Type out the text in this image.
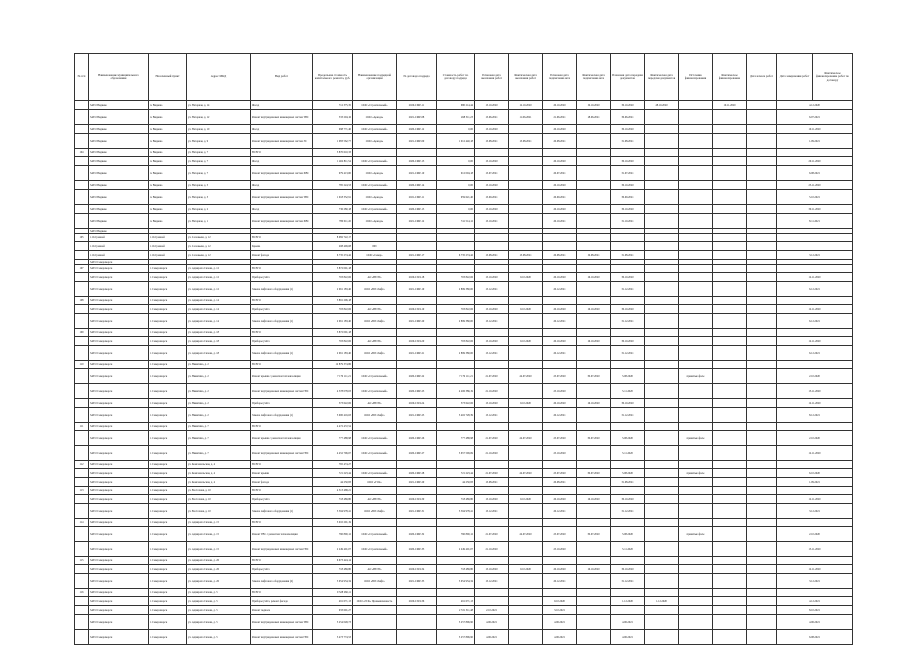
№ п/п	Наименование муниципального образования	Населенный пункт	Адрес МКД	Вид работ	Предельная стоимость капитального ремонта, руб.	Наименование подрядной организации	№ договора подряда	Стоимость работ по договору подряда	Плановая дата окончания работ	Фактическая дата окончания работ	Плановая дата подписания акта	Фактическая дата подписания акта	Плановая дата передачи документов	Фактическая дата передачи документов	Источник финансирования	Фактическое финансирование	Дата начала работ	Дата завершения работ	Фактическое финансирование работ по договору
	ЗАТО Видяево	п. Видяево	ул. Нагорная, д. 14	Фасад	712 375,35	ООО «Строительный»	2020-СМР-11	680 214,44	15.10.2020	12.10.2020	20.10.2020	19.10.2020	30.10.2020	28.10.2020		10.11.2020		4.12.2020	
	ЗАТО Видяево	п. Видяево	ул. Нагорная, д. 12	Ремонт внутридомовых инженерных систем ТВС	533 204,16	ООО «Аркада»	2021-СМР-08	498 311,23	15.06.2021	11.06.2021	21.06.2021	18.06.2021	30.06.2021					6.07.2021	
	ЗАТО Видяево	п. Видяево	ул. Нагорная, д. 10	Фасад	998 771,40	ООО «Строительный»	2020-СМР-12	0,00	15.10.2020		20.10.2020		30.10.2020					10.11.2020	
	ЗАТО Видяево	п. Видяево	ул. Нагорная, д. 9	Ремонт внутридомовых инженерных систем ЭС	1 083 562,77	ООО «Аркада»	2021-СМР-09	1 012 440,18	15.08.2021	13.08.2021	20.08.2021		31.08.2021					1.09.2021	
104	ЗАТО Видяево	п. Видяево	ул. Нагорная, д. 7	ВСЕГО	3 870 610,33														
	ЗАТО Видяево	п. Видяево	ул. Нагорная, д. 7	Фасад	1 462 811,54	ООО «Строительный»	2020-СМР-13	0,00	15.10.2020		20.10.2020		30.10.2020					20.11.2020	
	ЗАТО Видяево	п. Видяево	ул. Нагорная, д. 7	Ремонт внутридомовых инженерных систем ХВС	979 413,60	ООО «Аркада»	2021-СМР-10	912 004,18	15.07.2021		20.07.2021		31.07.2021					6.08.2021	
	ЗАТО Видяево	п. Видяево	ул. Нагорная, д. 5	Фасад	785 224,53	ООО «Строительный»	2020-СМР-14	0,00	15.10.2020		20.10.2020		30.10.2020					25.11.2020	
	ЗАТО Видяево	п. Видяево	ул. Нагорная, д. 3	Ремонт внутридомовых инженерных систем ТВС	1 018 352,91	ООО «Аркада»	2021-СМР-11	959 621,40	15.09.2021		20.09.2021		30.09.2021					5.10.2021	
	ЗАТО Видяево	п. Видяево	ул. Нагорная, д. 2	Фасад	736 280,18	ООО «Строительный»	2020-СМР-15	0,00	15.10.2020		20.10.2020		30.10.2020					30.11.2020	
	ЗАТО Видяево	п. Видяево	ул. Нагорная, д. 1	Ремонт внутридомовых инженерных систем ХВС	780 011,45	ООО «Аркада»	2021-СМР-12	741 514,12	15.10.2021		20.10.2021		31.10.2021					8.11.2021	
	ЗАТО Видяево																		
105	г. Островной	г. Островной	ул. Соловьева, д. 12	ВСЕГО	8 082 722,17														
	г. Островной	г. Островной	ул. Соловьева, д. 12	Крыша	208 499,08	ИП													
	г. Островной	г. Островной	ул. Соловьева, д. 12	Ремонт фасада	6 735 274,42	ООО «Север»	2021-СМР-17	6 735 274,42	15.08.2021	13.08.2021	20.08.2021	19.08.2021	31.08.2021					3.12.2021	
	ЗАТО Североморск																		
107	ЗАТО Североморск	г. Североморск	ул. Адмирала Сизова, д. 12	ВСЕГО	3 872 091,18														
	ЗАТО Североморск	г. Североморск	ул. Адмирала Сизова, д. 12	Приборы учёта	703 822,06	АО «ВЕЛТ»	2020-СПЛ-18	703 822,06	15.10.2020	9.10.2020	20.10.2020	16.10.2020	30.10.2020					12.11.2020	
	ЗАТО Североморск	г. Североморск	ул. Адмирала Сизова, д. 12	Замена лифтового оборудования (1)	2 961 183,40	ООО «ЮГ-Лифт»	2021-СМР-19	2 899 380,00	15.12.2021		20.12.2021		31.12.2021					6.12.2021	
108	ЗАТО Североморск	г. Североморск	ул. Адмирала Сизова, д. 14	ВСЕГО	3 891 206,18														
	ЗАТО Североморск	г. Североморск	ул. Адмирала Сизова, д. 14	Приборы учёта	703 822,06	АО «ВЕЛТ»	2020-СПЛ-19	703 822,06	15.10.2020	9.10.2020	20.10.2020	16.10.2020	30.10.2020					12.11.2020	
	ЗАТО Североморск	г. Североморск	ул. Адмирала Сизова, д. 14	Замена лифтового оборудования (1)	2 961 183,40	ООО «ЮГ-Лифт»	2021-СМР-20	2 899 380,00	15.12.2021		20.12.2021		31.12.2021					6.12.2021	
109	ЗАТО Североморск	г. Североморск	ул. Адмирала Сизова, д. 18	ВСЕГО	3 872 091,18														
	ЗАТО Североморск	г. Североморск	ул. Адмирала Сизова, д. 18	Приборы учёта	703 822,06	АО «ВЕЛТ»	2020-СПЛ-20	703 822,06	15.10.2020	9.10.2020	20.10.2020	16.10.2020	30.10.2020					12.11.2020	
	ЗАТО Североморск	г. Североморск	ул. Адмирала Сизова, д. 18	Замена лифтового оборудования (1)	2 961 183,40	ООО «ЮГ-Лифт»	2021-СМР-21	2 899 380,00	15.12.2021		20.12.2021		31.12.2021					6.12.2021	
110	ЗАТО Североморск	г. Североморск	ул. Никитина, д. 2	ВСЕГО	12 879 374,86														
	ЗАТО Североморск	г. Североморск	ул. Никитина, д. 2	Ремонт крыши с ремонтом теплоизоляции	7 179 111,21	ООО «Строительный»	2020-СМР-22	7 179 111,21	21.07.2020	24.07.2020	25.07.2020	30.07.2020	5.08.2020		принятые фасы			2.10.2020	
	ЗАТО Североморск	г. Североморск	ул. Никитина, д. 2	Ремонт внутридомовых инженерных систем ГВС	4 378 078,03	ООО «Строительный»	2020-СМР-23	4 206 386,19	21.10.2020		25.10.2020		5.11.2020					13.11.2020	
	ЗАТО Североморск	г. Североморск	ул. Никитина, д. 2	Приборы учёта	373 622,06	АО «ВЕЛТ»	2020-СПЛ-24	373 622,06	15.10.2020	9.10.2020	20.10.2020	16.10.2020	30.10.2020					12.11.2020	
	ЗАТО Североморск	г. Североморск	ул. Никитина, д. 2	Замена лифтового оборудования (1)	3 900 416,63	ООО «ЮГ-Лифт»	2021-СМР-25	3 402 728,39	15.12.2021		20.12.2021		31.12.2021					8.12.2021	
111	ЗАТО Североморск	г. Североморск	ул. Никитина, д. 7	ВСЕГО	4 472 472,54														
	ЗАТО Североморск	г. Североморск	ул. Никитина, д. 7	Ремонт крыши с ремонтом теплоизоляции	777 488,98	ООО «Строительный»	2020-СМР-26	777 488,98	21.07.2020	24.07.2020	25.07.2020	30.07.2020	5.08.2020		принятые фасы			2.10.2020	
	ЗАТО Североморск	г. Североморск	ул. Никитина, д. 7	Ремонт внутридомовых инженерных систем ГВС	4 452 796,67	ООО «Строительный»	2020-СМР-27	3 657 599,69	21.10.2020		25.10.2020		5.11.2020					12.11.2020	
112	ЗАТО Североморск	г. Североморск	ул. Комсомольская, д. 4	ВСЕГО	765 474,27														
	ЗАТО Североморск	г. Североморск	ул. Комсомольская, д. 4	Ремонт крыши	721 223,44	ООО «Строительный»	2020-СМР-28	721 223,44	21.07.2020	24.07.2020	25.07.2020	30.07.2020	5.08.2020		принятые фасы			6.10.2020	
	ЗАТО Североморск	г. Североморск	ул. Комсомольская, д. 4	Ремонт фасада	44 250,83	ООО «ГСК»	2021-СМР-29	44 250,83	15.08.2021		20.08.2021		31.08.2021					1.09.2021	
113	ЗАТО Североморск	г. Североморск	ул. Восточная, д. 10	ВСЕГО	4 313 468,21														
	ЗАТО Североморск	г. Североморск	ул. Восточная, д. 10	Приборы учёта	718 489,80	АО «ВЕЛТ»	2020-СПЛ-30	718 489,80	15.10.2020	9.10.2020	20.10.2020	16.10.2020	30.10.2020					12.11.2020	
	ЗАТО Североморск	г. Североморск	ул. Восточная, д. 10	Замена лифтового оборудования (1)	3 594 978,41	ООО «ЮГ-Лифт»	2021-СМР-31	3 594 978,41	15.12.2021		20.12.2021		31.12.2021					3.12.2021	
114	ЗАТО Североморск	г. Североморск	ул. Адмирала Сизова, д. 15	ВСЕГО	3 010 291,19														
	ЗАТО Североморск	г. Североморск	ул. Адмирала Сизова, д. 15	Ремонт ГВС с ремонтом теплоизоляции	760 890,12	ООО «Строительный»	2020-СМР-32	760 890,12	21.07.2020	24.07.2020	25.07.2020	30.07.2020	5.08.2020		принятые фасы			2.10.2020	
	ЗАТО Североморск	г. Североморск	ул. Адмирала Сизова, д. 15	Ремонт внутридомовых инженерных систем ГВС	2 249 401,07	ООО «Строительный»	2020-СМР-33	2 249 401,07	21.10.2020		25.10.2020		5.11.2020					15.11.2020	
115	ЗАТО Североморск	г. Североморск	ул. Адмирала Сизова, д. 26	ВСЕГО	6 673 424,14														
	ЗАТО Североморск	г. Североморск	ул. Адмирала Сизова, д. 26	Приборы учёта	718 489,80	АО «ВЕЛТ»	2020-СПЛ-34	718 489,80	15.10.2020	9.10.2020	20.10.2020	16.10.2020	30.10.2020					12.11.2020	
	ЗАТО Североморск	г. Североморск	ул. Адмирала Сизова, д. 26	Замена лифтового оборудования (2)	5 954 934,34	ООО «ЮГ-Лифт»	2021-СМР-35	5 954 934,34	15.12.2021		20.12.2021		31.12.2021					3.12.2021	
116	ЗАТО Североморск	г. Североморск	ул. Адмирала Сизова, д. 5	ВСЕГО	9 328 266,11														
	ЗАТО Североморск	г. Североморск	ул. Адмирала Сизова, д. 5	Приборы учёта, ремонт фасада	491 671,13	ООО «ГСК» Промышленность	2020-СПЛ-36	491 671,13			9.10.2020		1.12.2020	1.12.2020				4.12.2021	
	ЗАТО Североморск	г. Североморск	ул. Адмирала Сизова, д. 5	Ремонт подвала	933 691,27			2 531 311,48	2.10.2021		3.10.2021							8.10.2021	
	ЗАТО Североморск	г. Североморск	ул. Адмирала Сизова, д. 5	Ремонт внутридомовых инженерных систем ТВС	3 254 048,73			3 257 896,90	4.06.2021		4.06.2021		4.06.2021					4.06.2021	
	ЗАТО Североморск	г. Североморск	ул. Адмирала Сизова, д. 5	Ремонт внутридомовых инженерных систем ГВС	3 473 774,53			3 257 896,90	4.06.2021		4.06.2021		4.06.2021					6.08.2021	
